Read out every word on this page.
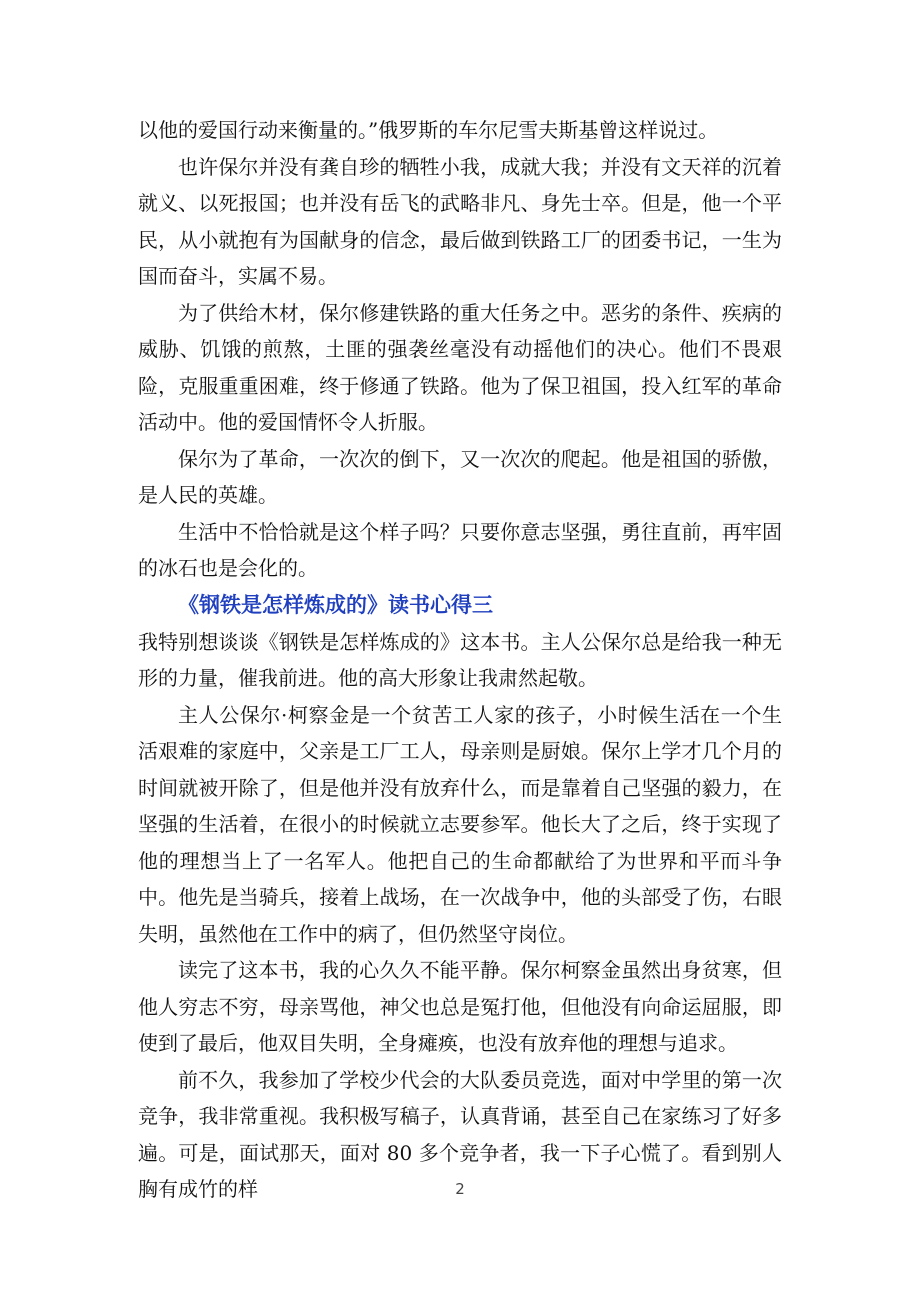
以他的爱国行动来衡量的。”俄罗斯的车尔尼雪夫斯基曾这样说过。

也许保尔并没有龚自珍的牺牲小我，成就大我；并没有文天祥的沉着就义、以死报国；也并没有岳飞的武略非凡、身先士卒。但是，他一个平民，从小就抱有为国献身的信念，最后做到铁路工厂的团委书记，一生为国而奋斗，实属不易。

为了供给木材，保尔修建铁路的重大任务之中。恶劣的条件、疾病的威胁、饥饿的煎熬，土匪的强袭丝毫没有动摇他们的决心。他们不畏艰险，克服重重困难，终于修通了铁路。他为了保卫祖国，投入红军的革命活动中。他的爱国情怀令人折服。

保尔为了革命，一次次的倒下，又一次次的爬起。他是祖国的骄傲，是人民的英雄。

生活中不恰恰就是这个样子吗？只要你意志坚强，勇往直前，再牢固的冰石也是会化的。

《钢铁是怎样炼成的》读书心得三

我特别想谈谈《钢铁是怎样炼成的》这本书。主人公保尔总是给我一种无形的力量，催我前进。他的高大形象让我肃然起敬。

主人公保尔·柯察金是一个贫苦工人家的孩子，小时候生活在一个生活艰难的家庭中，父亲是工厂工人，母亲则是厨娘。保尔上学才几个月的时间就被开除了，但是他并没有放弃什么，而是靠着自己坚强的毅力，在坚强的生活着，在很小的时候就立志要参军。他长大了之后，终于实现了他的理想当上了一名军人。他把自己的生命都献给了为世界和平而斗争中。他先是当骑兵，接着上战场，在一次战争中，他的头部受了伤，右眼失明，虽然他在工作中的病了，但仍然坚守岗位。

读完了这本书，我的心久久不能平静。保尔柯察金虽然出身贫寒，但他人穷志不穷，母亲骂他，神父也总是冤打他，但他没有向命运屈服，即使到了最后，他双目失明，全身瘫痪，也没有放弃他的理想与追求。

前不久，我参加了学校少代会的大队委员竞选，面对中学里的第一次竞争，我非常重视。我积极写稿子，认真背诵，甚至自己在家练习了好多遍。可是，面试那天，面对 80 多个竞争者，我一下子心慌了。看到别人胸有成竹的样	2
